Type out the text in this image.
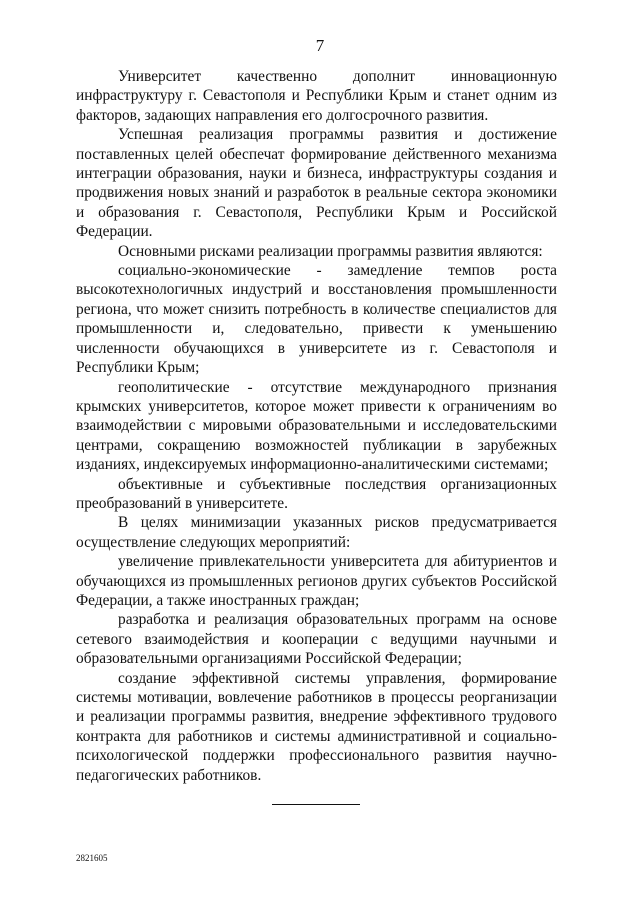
7

Университет качественно дополнит инновационную инфраструктуру г. Севастополя и Республики Крым и станет одним из факторов, задающих направления его долгосрочного развития.

Успешная реализация программы развития и достижение поставленных целей обеспечат формирование действенного механизма интеграции образования, науки и бизнеса, инфраструктуры создания и продвижения новых знаний и разработок в реальные сектора экономики и образования г. Севастополя, Республики Крым и Российской Федерации.

Основными рисками реализации программы развития являются:

социально-экономические - замедление темпов роста высокотехнологичных индустрий и восстановления промышленности региона, что может снизить потребность в количестве специалистов для промышленности и, следовательно, привести к уменьшению численности обучающихся в университете из г. Севастополя и Республики Крым;

геополитические - отсутствие международного признания крымских университетов, которое может привести к ограничениям во взаимодействии с мировыми образовательными и исследовательскими центрами, сокращению возможностей публикации в зарубежных изданиях, индексируемых информационно-аналитическими системами;

объективные и субъективные последствия организационных преобразований в университете.

В целях минимизации указанных рисков предусматривается осуществление следующих мероприятий:

увеличение привлекательности университета для абитуриентов и обучающихся из промышленных регионов других субъектов Российской Федерации, а также иностранных граждан;

разработка и реализация образовательных программ на основе сетевого взаимодействия и кооперации с ведущими научными и образовательными организациями Российской Федерации;

создание эффективной системы управления, формирование системы мотивации, вовлечение работников в процессы реорганизации и реализации программы развития, внедрение эффективного трудового контракта для работников и системы административной и социально-психологической поддержки профессионального развития научно-педагогических работников.

2821605
